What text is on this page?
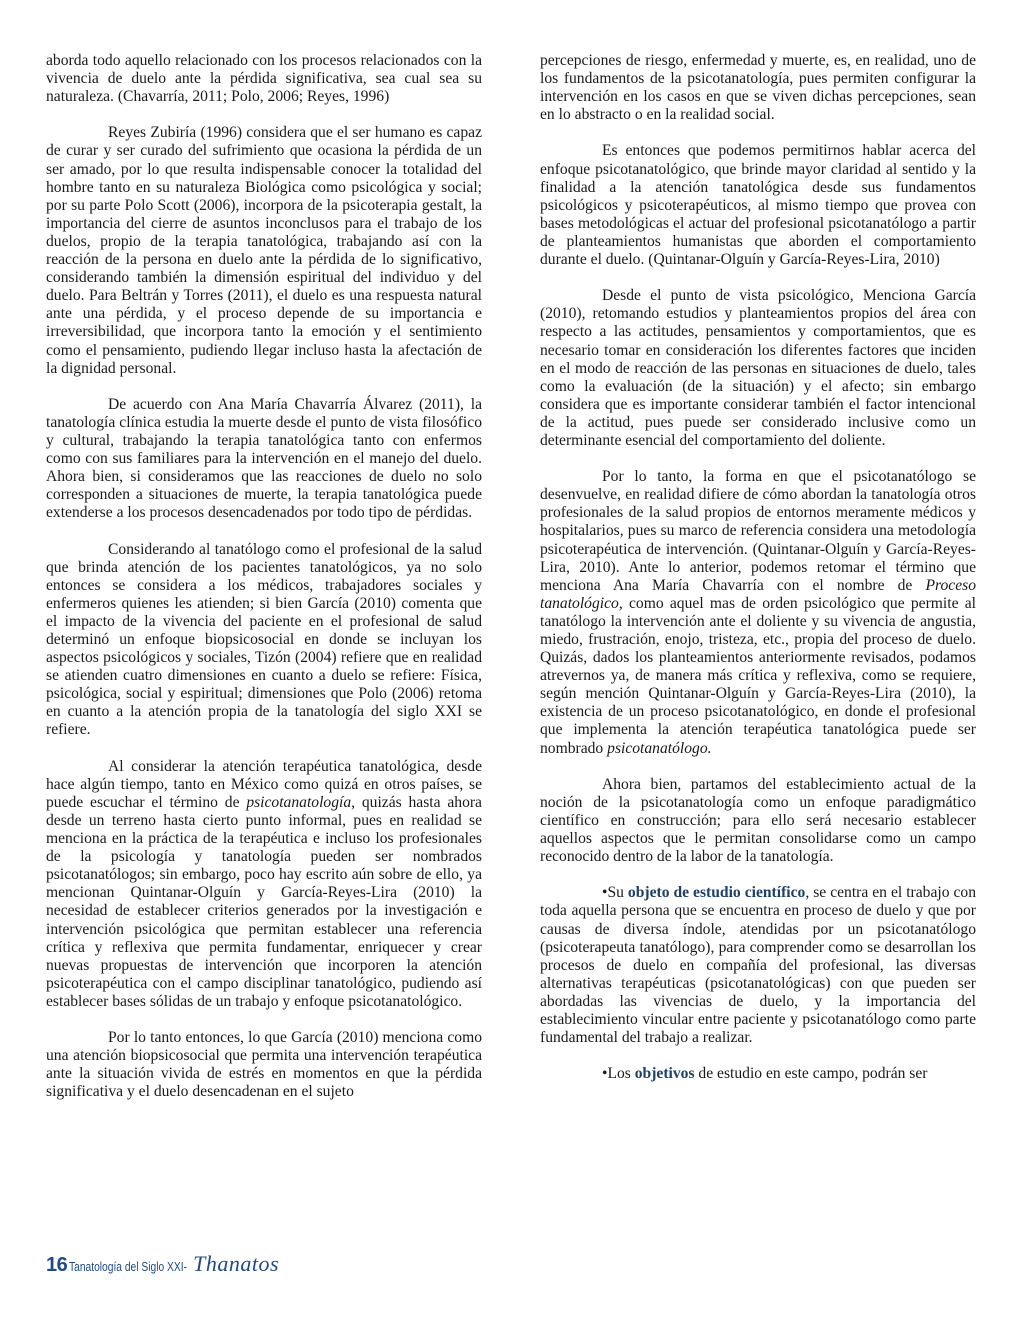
aborda todo aquello relacionado con los procesos relacionados con la vivencia de duelo ante la pérdida significativa, sea cual sea su naturaleza. (Chavarría, 2011; Polo, 2006; Reyes, 1996)

Reyes Zubiría (1996) considera que el ser humano es capaz de curar y ser curado del sufrimiento que ocasiona la pérdida de un ser amado, por lo que resulta indispensable conocer la totalidad del hombre tanto en su naturaleza Biológica como psicológica y social; por su parte Polo Scott (2006), incorpora de la psicoterapia gestalt, la importancia del cierre de asuntos inconclusos para el trabajo de los duelos, propio de la terapia tanatológica, trabajando así con la reacción de la persona en duelo ante la pérdida de lo significativo, considerando también la dimensión espiritual del individuo y del duelo. Para Beltrán y Torres (2011), el duelo es una respuesta natural ante una pérdida, y el proceso depende de su importancia e irreversibilidad, que incorpora tanto la emoción y el sentimiento como el pensamiento, pudiendo llegar incluso hasta la afectación de la dignidad personal.

De acuerdo con Ana María Chavarría Álvarez (2011), la tanatología clínica estudia la muerte desde el punto de vista filosófico y cultural, trabajando la terapia tanatológica tanto con enfermos como con sus familiares para la intervención en el manejo del duelo. Ahora bien, si consideramos que las reacciones de duelo no solo corresponden a situaciones de muerte, la terapia tanatológica puede extenderse a los procesos desencadenados por todo tipo de pérdidas.

Considerando al tanatólogo como el profesional de la salud que brinda atención de los pacientes tanatológicos, ya no solo entonces se considera a los médicos, trabajadores sociales y enfermeros quienes les atienden; si bien García (2010) comenta que el impacto de la vivencia del paciente en el profesional de salud determinó un enfoque biopsicosocial en donde se incluyan los aspectos psicológicos y sociales, Tizón (2004) refiere que en realidad se atienden cuatro dimensiones en cuanto a duelo se refiere: Física, psicológica, social y espiritual; dimensiones que Polo (2006) retoma en cuanto a la atención propia de la tanatología del siglo XXI se refiere.

Al considerar la atención terapéutica tanatológica, desde hace algún tiempo, tanto en México como quizá en otros países, se puede escuchar el término de psicotanatología, quizás hasta ahora desde un terreno hasta cierto punto informal, pues en realidad se menciona en la práctica de la terapéutica e incluso los profesionales de la psicología y tanatología pueden ser nombrados psicotanatólogos; sin embargo, poco hay escrito aún sobre de ello, ya mencionan Quintanar-Olguín y García-Reyes-Lira (2010) la necesidad de establecer criterios generados por la investigación e intervención psicológica que permitan establecer una referencia crítica y reflexiva que permita fundamentar, enriquecer y crear nuevas propuestas de intervención que incorporen la atención psicoterapéutica con el campo disciplinar tanatológico, pudiendo así establecer bases sólidas de un trabajo y enfoque psicotanatológico.

Por lo tanto entonces, lo que García (2010) menciona como una atención biopsicosocial que permita una intervención terapéutica ante la situación vivida de estrés en momentos en que la pérdida significativa y el duelo desencadenan en el sujeto

percepciones de riesgo, enfermedad y muerte, es, en realidad, uno de los fundamentos de la psicotanatología, pues permiten configurar la intervención en los casos en que se viven dichas percepciones, sean en lo abstracto o en la realidad social.

Es entonces que podemos permitirnos hablar acerca del enfoque psicotanatológico, que brinde mayor claridad al sentido y la finalidad a la atención tanatológica desde sus fundamentos psicológicos y psicoterapéuticos, al mismo tiempo que provea con bases metodológicas el actuar del profesional psicotanatólogo a partir de planteamientos humanistas que aborden el comportamiento durante el duelo. (Quintanar-Olguín y García-Reyes-Lira, 2010)

Desde el punto de vista psicológico, Menciona García (2010), retomando estudios y planteamientos propios del área con respecto a las actitudes, pensamientos y comportamientos, que es necesario tomar en consideración los diferentes factores que inciden en el modo de reacción de las personas en situaciones de duelo, tales como la evaluación (de la situación) y el afecto; sin embargo considera que es importante considerar también el factor intencional de la actitud, pues puede ser considerado inclusive como un determinante esencial del comportamiento del doliente.

Por lo tanto, la forma en que el psicotanatólogo se desenvuelve, en realidad difiere de cómo abordan la tanatología otros profesionales de la salud propios de entornos meramente médicos y hospitalarios, pues su marco de referencia considera una metodología psicoterapéutica de intervención. (Quintanar-Olguín y García-Reyes-Lira, 2010). Ante lo anterior, podemos retomar el término que menciona Ana María Chavarría con el nombre de Proceso tanatológico, como aquel mas de orden psicológico que permite al tanatólogo la intervención ante el doliente y su vivencia de angustia, miedo, frustración, enojo, tristeza, etc., propia del proceso de duelo. Quizás, dados los planteamientos anteriormente revisados, podamos atrevernos ya, de manera más crítica y reflexiva, como se requiere, según mención Quintanar-Olguín y García-Reyes-Lira (2010), la existencia de un proceso psicotanatológico, en donde el profesional que implementa la atención terapéutica tanatológica puede ser nombrado psicotanatólogo.

Ahora bien, partamos del establecimiento actual de la noción de la psicotanatología como un enfoque paradigmático científico en construcción; para ello será necesario establecer aquellos aspectos que le permitan consolidarse como un campo reconocido dentro de la labor de la tanatología.

•Su objeto de estudio científico, se centra en el trabajo con toda aquella persona que se encuentra en proceso de duelo y que por causas de diversa índole, atendidas por un psicotanatólogo (psicoterapeuta tanatólogo), para comprender como se desarrollan los procesos de duelo en compañía del profesional, las diversas alternativas terapéuticas (psicotanatológicas) con que pueden ser abordadas las vivencias de duelo, y la importancia del establecimiento vincular entre paciente y psicotanatólogo como parte fundamental del trabajo a realizar.

•Los objetivos de estudio en este campo, podrán ser

16 Tanatología del Siglo XXI- Thanatos
